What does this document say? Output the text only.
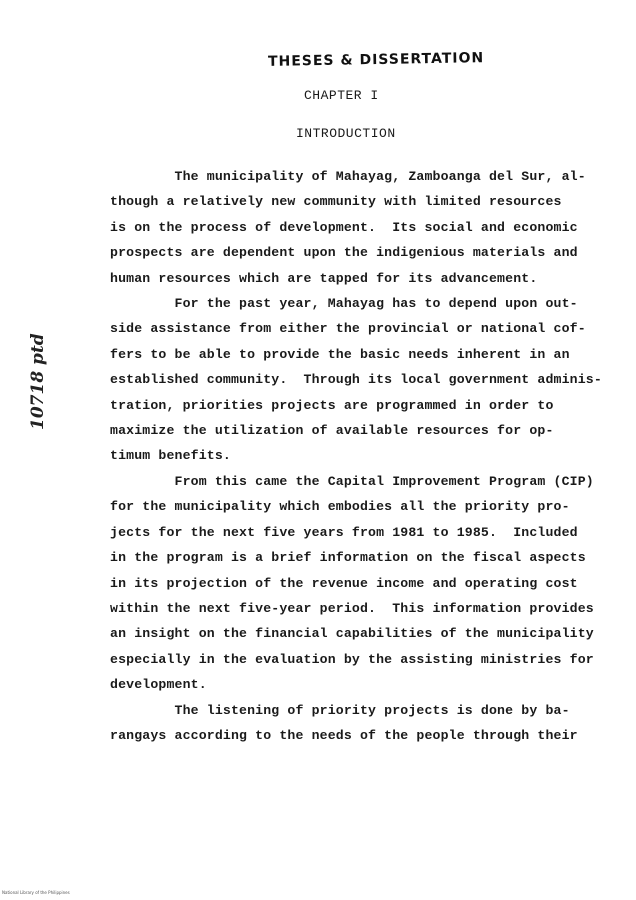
THESES & DISSERTATION
CHAPTER I
INTRODUCTION
10718 ptd
The municipality of Mahayag, Zamboanga del Sur, al-
though a relatively new community with limited resources
is on the process of development.  Its social and economic
prospects are dependent upon the indigenious materials and
human resources which are tapped for its advancement.
For the past year, Mahayag has to depend upon out-
side assistance from either the provincial or national cof-
fers to be able to provide the basic needs inherent in an
established community.  Through its local government adminis-
tration, priorities projects are programmed in order to
maximize the utilization of available resources for op-
timum benefits.
From this came the Capital Improvement Program (CIP)
for the municipality which embodies all the priority pro-
jects for the next five years from 1981 to 1985.  Included
in the program is a brief information on the fiscal aspects
in its projection of the revenue income and operating cost
within the next five-year period.  This information provides
an insight on the financial capabilities of the municipality
especially in the evaluation by the assisting ministries for
development.
The listening of priority projects is done by ba-
rangays according to the needs of the people through their
National Library of the Philippines
